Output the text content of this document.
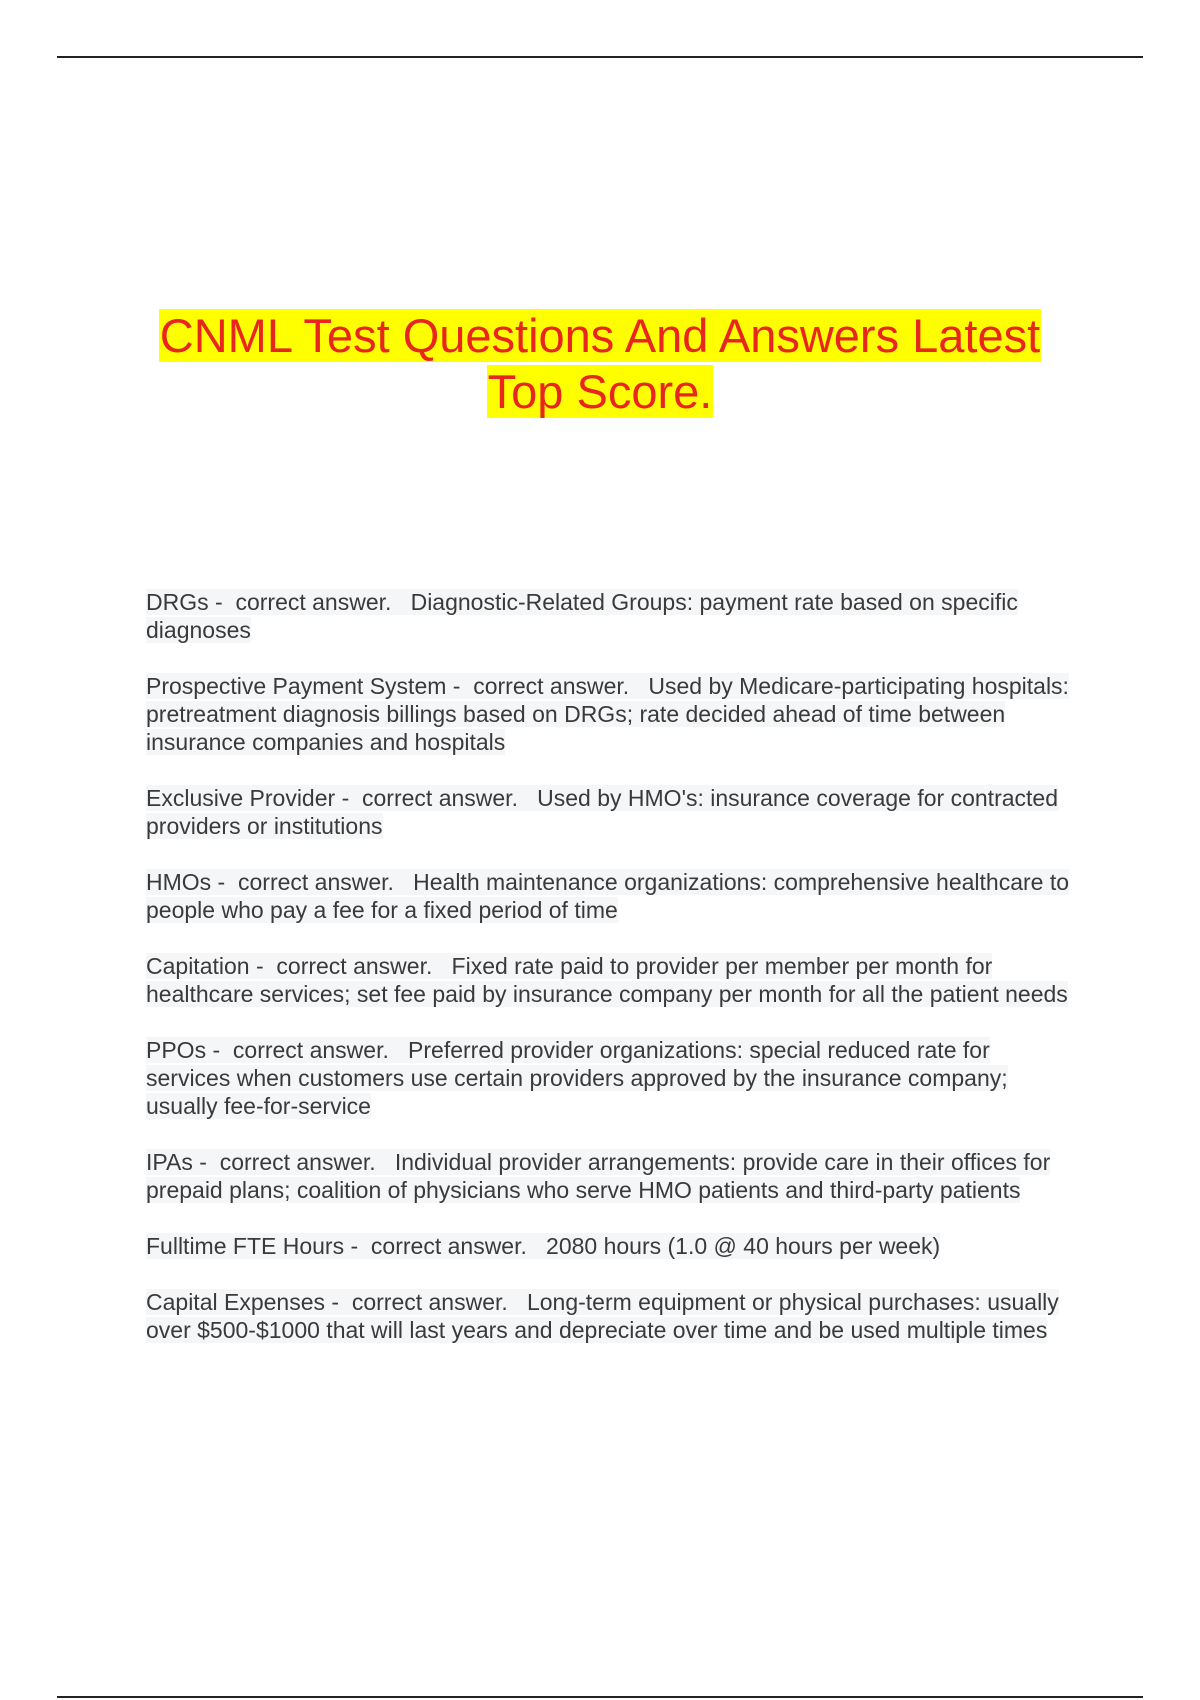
CNML Test Questions And Answers Latest
Top Score.
DRGs -  correct answer.   Diagnostic-Related Groups: payment rate based on specific diagnoses
Prospective Payment System -  correct answer.   Used by Medicare-participating hospitals: pretreatment diagnosis billings based on DRGs; rate decided ahead of time between insurance companies and hospitals
Exclusive Provider -  correct answer.   Used by HMO's: insurance coverage for contracted providers or institutions
HMOs -  correct answer.   Health maintenance organizations: comprehensive healthcare to people who pay a fee for a fixed period of time
Capitation -  correct answer.   Fixed rate paid to provider per member per month for healthcare services; set fee paid by insurance company per month for all the patient needs
PPOs -  correct answer.   Preferred provider organizations: special reduced rate for services when customers use certain providers approved by the insurance company; usually fee-for-service
IPAs -  correct answer.   Individual provider arrangements: provide care in their offices for prepaid plans; coalition of physicians who serve HMO patients and third-party patients
Fulltime FTE Hours -  correct answer.   2080 hours (1.0 @ 40 hours per week)
Capital Expenses -  correct answer.   Long-term equipment or physical purchases: usually over $500-$1000 that will last years and depreciate over time and be used multiple times
